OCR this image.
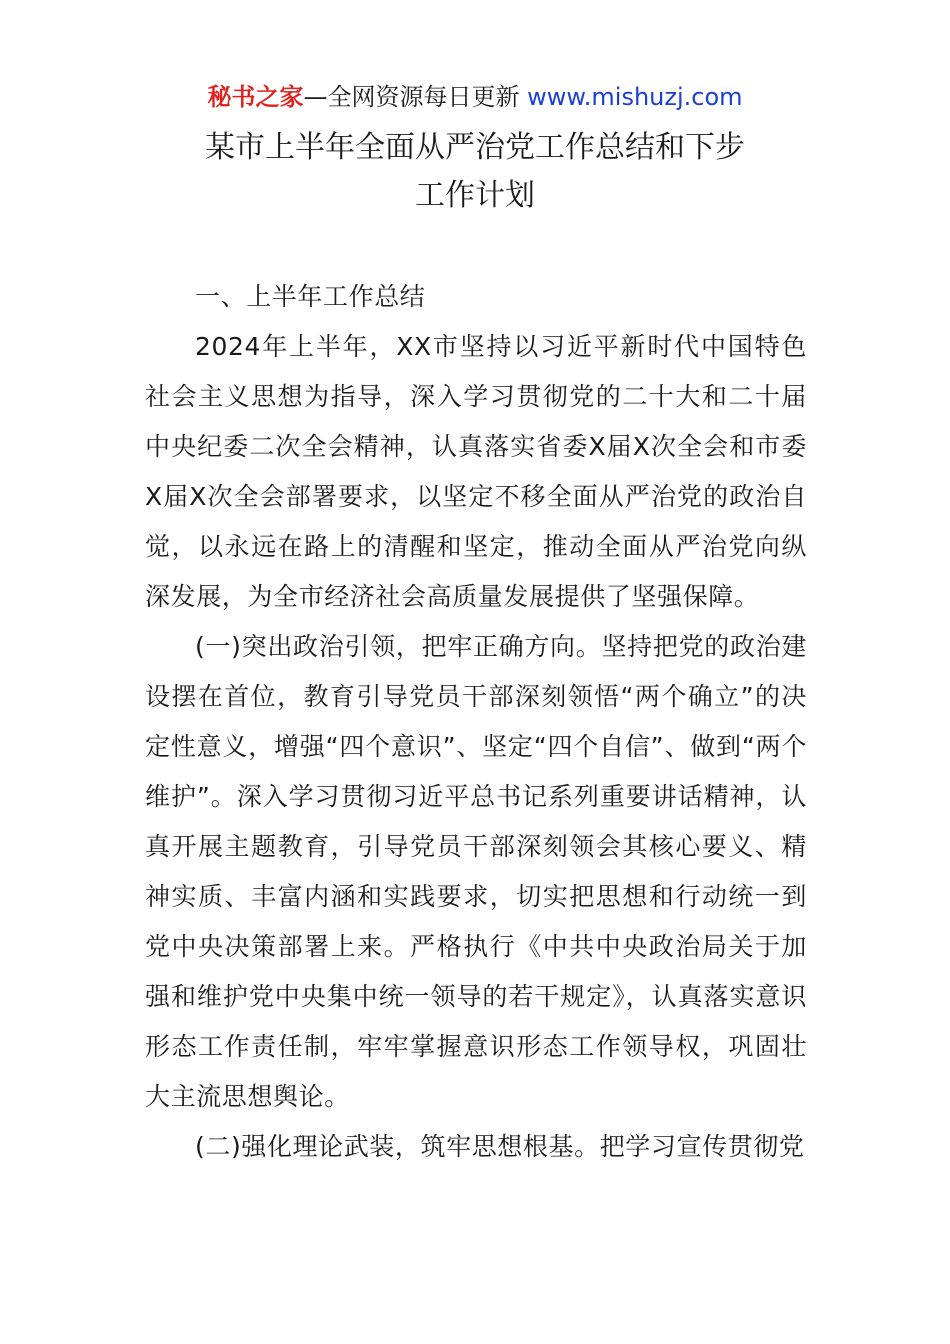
秘书之家—全网资源每日更新 www.mishuzj.com
某市上半年全面从严治党工作总结和下步
工作计划

一、上半年工作总结

2024年上半年，XX市坚持以习近平新时代中国特色社会主义思想为指导，深入学习贯彻党的二十大和二十届中央纪委二次全会精神，认真落实省委X届X次全会和市委X届X次全会部署要求，以坚定不移全面从严治党的政治自觉，以永远在路上的清醒和坚定，推动全面从严治党向纵深发展，为全市经济社会高质量发展提供了坚强保障。

(一)突出政治引领，把牢正确方向。坚持把党的政治建设摆在首位，教育引导党员干部深刻领悟“两个确立”的决定性意义，增强“四个意识”、坚定“四个自信”、做到“两个维护”。深入学习贯彻习近平总书记系列重要讲话精神，认真开展主题教育，引导党员干部深刻领会其核心要义、精神实质、丰富内涵和实践要求，切实把思想和行动统一到党中央决策部署上来。严格执行《中共中央政治局关于加强和维护党中央集中统一领导的若干规定》，认真落实意识形态工作责任制，牢牢掌握意识形态工作领导权，巩固壮大主流思想舆论。

(二)强化理论武装，筑牢思想根基。把学习宣传贯彻党
